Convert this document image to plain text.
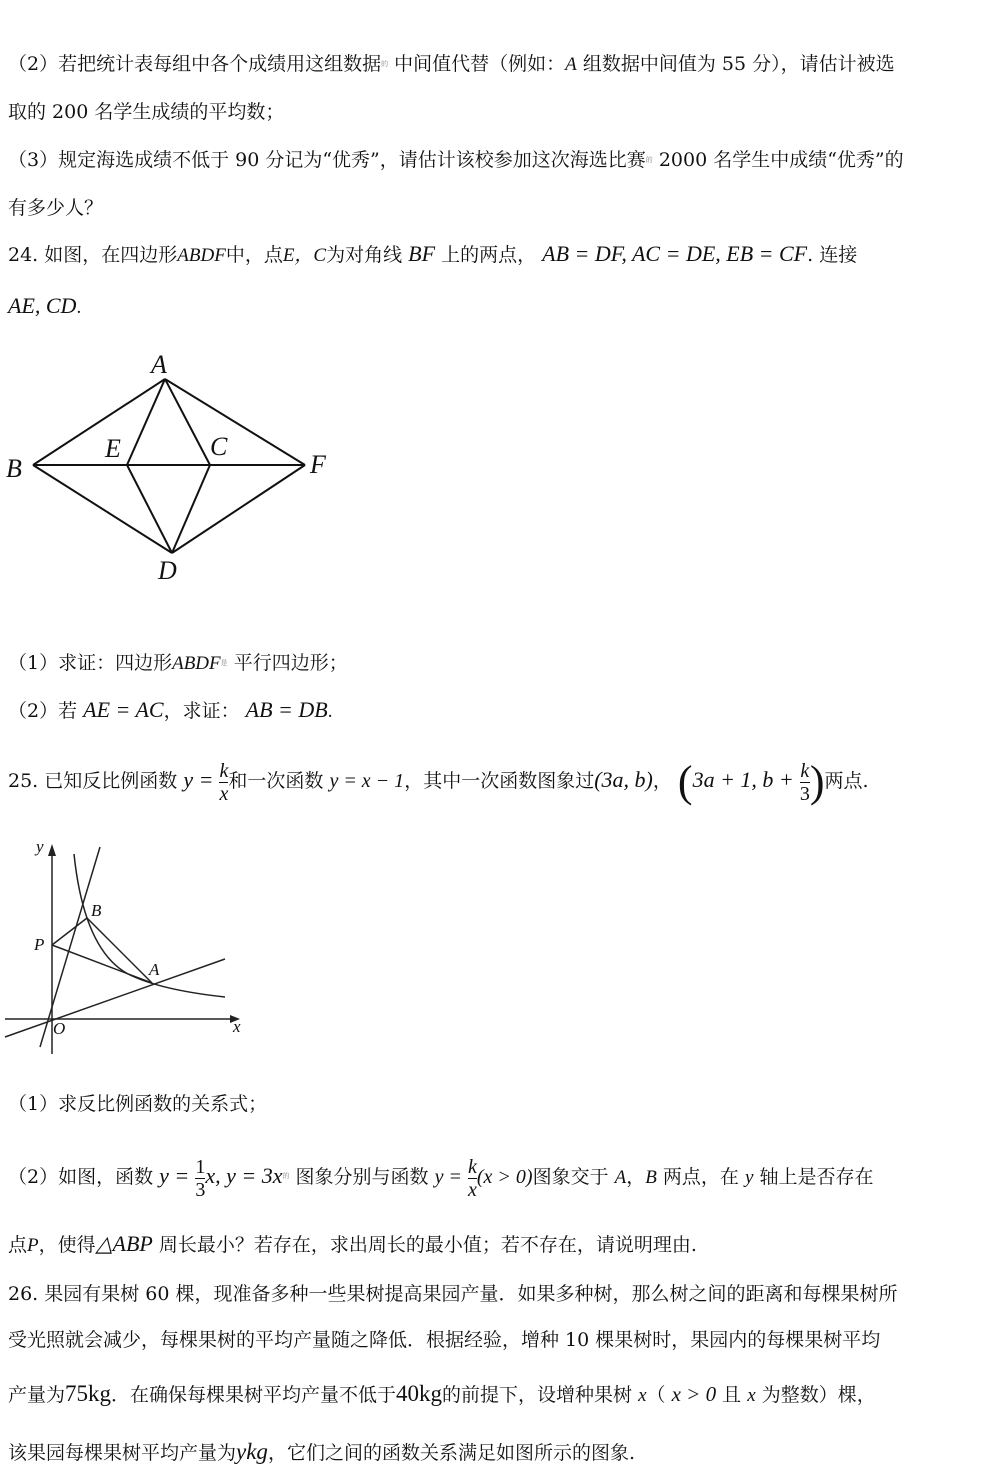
（2）若把统计表每组中各个成绩用这组数据$^的$ 中间值代替（例如：A 组数据中间值为 55 分），请估计被选
取的 200 名学生成绩的平均数；
（3）规定海选成绩不低于 90 分记为“优秀”，请估计该校参加这次海选比赛$^的$ 2000 名学生中成绩“优秀”的
有多少人？
24. 如图，在四边形ABDF中，点E，C为对角线 BF 上的两点， AB = DF, AC = DE, EB = CF. 连接
AE, CD.
A
B
E	C
F
D
（1）求证：四边形$ABDF^是$ 平行四边形；
（2）若 AE = AC，求证： AB = DB.
25. 已知反比例函数 $y = \frac{k}{x}$ 和一次函数 y = x − 1，其中一次函数图象过(3a, b)， (3a + 1, $b + \frac{k}{3}$ )两点.
y
x
O
P
B
A
（1）求反比例函数的关系式；
（2）如图，函数 $y = \frac{1}{3} x$, $y = 3x^的$ 图象分别与函数 $y = \frac{k}{x} (x > 0)$图象交于 A，B 两点，在 y 轴上是否存在
点P，使得△ABP 周长最小？若存在，求出周长的最小值；若不存在，请说明理由.
26. 果园有果树 60 棵，现准备多种一些果树提高果园产量．如果多种树，那么树之间的距离和每棵果树所
受光照就会减少，每棵果树的平均产量随之降低．根据经验，增种 10 棵果树时，果园内的每棵果树平均
产量为75kg．在确保每棵果树平均产量不低于40kg的前提下，设增种果树 x（ x > 0 且 x 为整数）棵，
该果园每棵果树平均产量为ykg，它们之间的函数关系满足如图所示的图象.
